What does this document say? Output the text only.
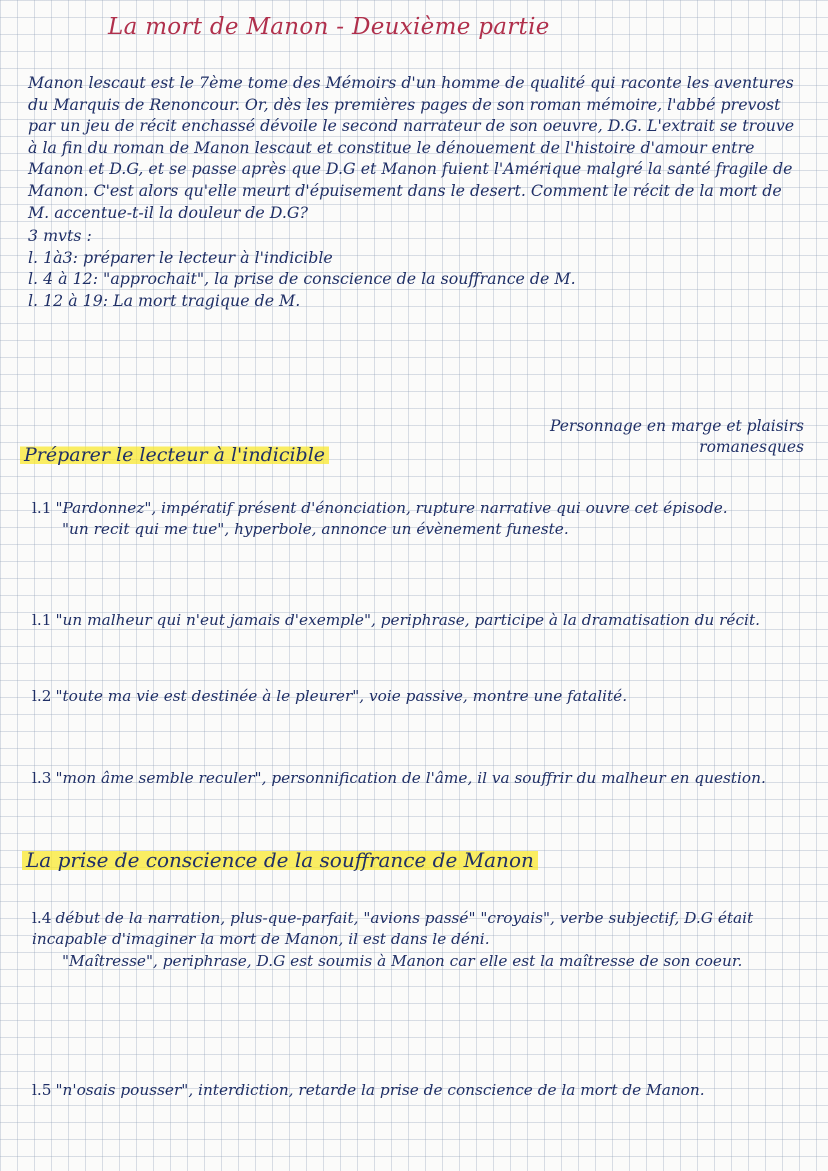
La mort de Manon - Deuxième partie
Manon lescaut est le 7ème tome des Mémoirs d'un homme de qualité qui raconte les aventures du Marquis de Renoncour. Or, dès les premières pages de son roman mémoire, l'abbé prevost par un jeu de récit enchassé dévoile le second narrateur de son oeuvre, D.G. L'extrait se trouve à la fin du roman de Manon lescaut et constitue le dénouement de l'histoire d'amour entre Manon et D.G, et se passe après que D.G et Manon fuient l'Amérique malgré la santé fragile de Manon. C'est alors qu'elle meurt d'épuisement dans le desert. Comment le récit de la mort de M. accentue-t-il la douleur de D.G?
3 mvts :
l. 1à3: préparer le lecteur à l'indicible
l. 4 à 12: "approchait", la prise de conscience de la souffrance de M.
l. 12 à 19: La mort tragique de M.
Personnage en marge et plaisirs romanesques
Préparer le lecteur à l'indicible

l.1 "Pardonnez", impératif présent d'énonciation, rupture narrative qui ouvre cet épisode.

"un recit qui me tue", hyperbole, annonce un évènement funeste.

l.1 "un malheur qui n'eut jamais d'exemple", periphrase, participe à la dramatisation du récit.

l.2 "toute ma vie est destinée à le pleurer", voie passive, montre une fatalité.

l.3 "mon âme semble reculer", personnification de l'âme, il va souffrir du malheur en question.

La prise de conscience de la souffrance de Manon

l.4 début de la narration, plus-que-parfait, "avions passé" "croyais", verbe subjectif, D.G était incapable d'imaginer la mort de Manon, il est dans le déni.

"Maîtresse", periphrase, D.G est soumis à Manon car elle est la maîtresse de son coeur.

l.5 "n'osais pousser", interdiction, retarde la prise de conscience de la mort de Manon.
